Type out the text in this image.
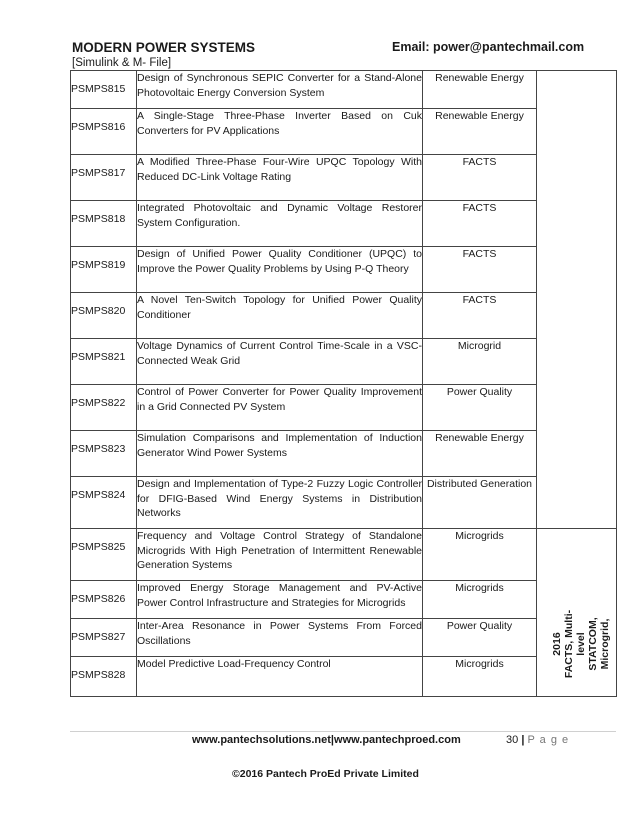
MODERN POWER SYSTEMS	Email: power@pantechmail.com
[Simulink & M- File]
PSMPS815	Design of Synchronous SEPIC Converter for a Stand-Alone Photovoltaic Energy Conversion System	Renewable Energy	

PSMPS816	A Single-Stage Three-Phase Inverter Based on Cuk Converters for PV Applications	Renewable Energy	

PSMPS817	A Modified Three-Phase Four-Wire UPQC Topology With Reduced DC-Link Voltage Rating	FACTS	

PSMPS818	Integrated Photovoltaic and Dynamic Voltage Restorer System Configuration.	FACTS	

PSMPS819	Design of Unified Power Quality Conditioner (UPQC) to Improve the Power Quality Problems by Using P-Q Theory	FACTS	

PSMPS820	A Novel Ten-Switch Topology for Unified Power Quality Conditioner	FACTS	

PSMPS821	Voltage Dynamics of Current Control Time-Scale in a VSC-Connected Weak Grid	Microgrid	

PSMPS822	Control of Power Converter for Power Quality Improvement in a Grid Connected PV System	Power Quality	

PSMPS823	Simulation Comparisons and Implementation of Induction Generator Wind Power Systems	Renewable Energy	

PSMPS824	Design and Implementation of Type-2 Fuzzy Logic Controller for DFIG-Based Wind Energy Systems in Distribution Networks	Distributed Generation	

PSMPS825	Frequency and Voltage Control Strategy of Standalone Microgrids With High Penetration of Intermittent Renewable Generation Systems	Microgrids	2016 FACTS, Multi- level STATCOM, Microgrid,

PSMPS826	Improved Energy Storage Management and PV-Active Power Control Infrastructure and Strategies for Microgrids	Microgrids	

PSMPS827	Inter-Area Resonance in Power Systems From Forced Oscillations	Power Quality	

PSMPS828	Model Predictive Load-Frequency Control	Microgrids	
www.pantechsolutions.net|www.pantechproed.com	30 | P a g e
©2016 Pantech ProEd Private Limited
